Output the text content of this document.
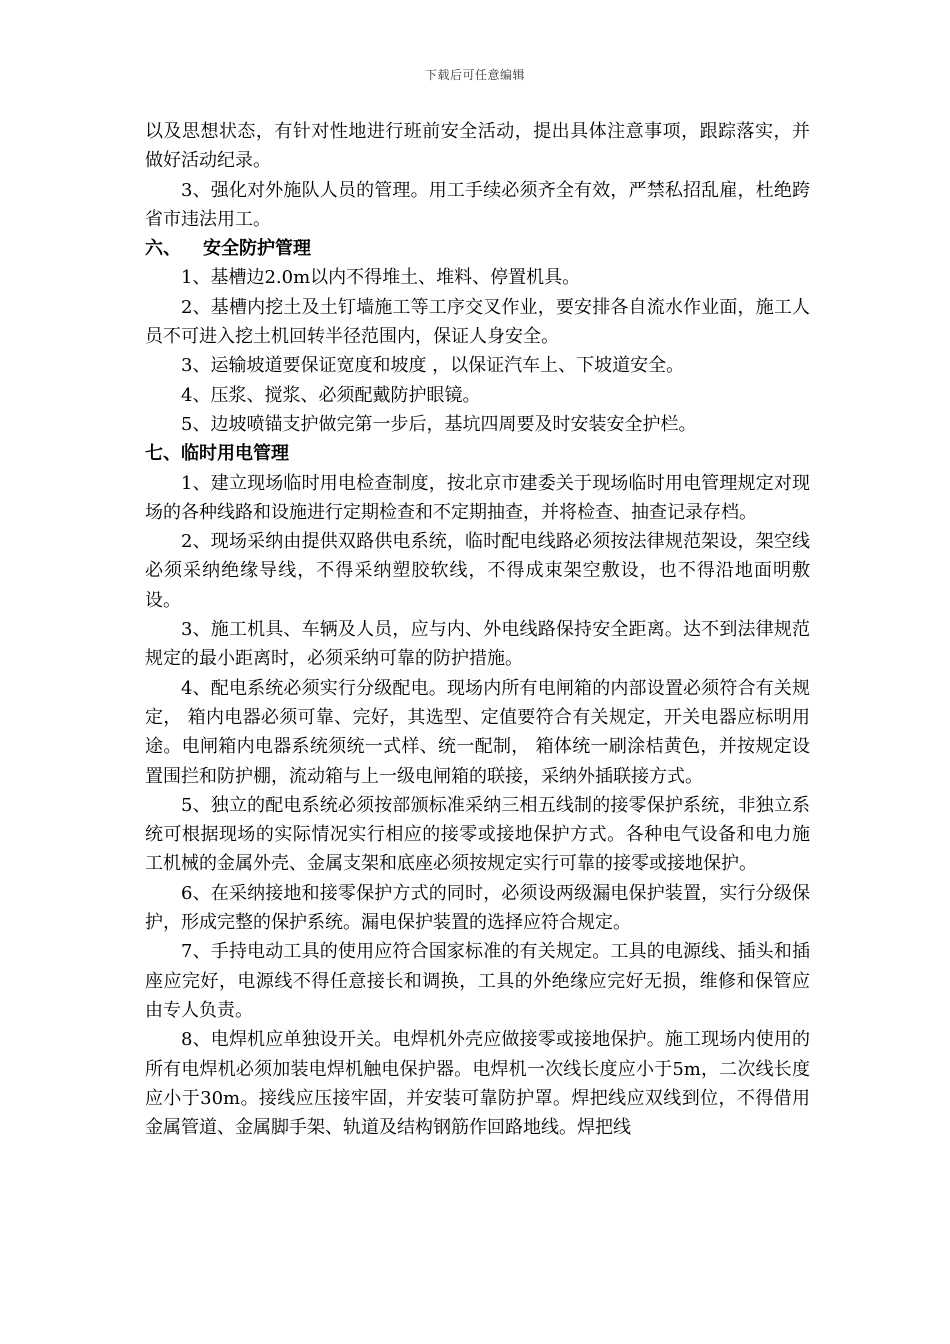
下载后可任意编辑

以及思想状态，有针对性地进行班前安全活动，提出具体注意事项，跟踪落实，并做好活动纪录。

3、强化对外施队人员的管理。用工手续必须齐全有效，严禁私招乱雇，杜绝跨省市违法用工。

六、 安全防护管理

1、基槽边2.0m以内不得堆土、堆料、停置机具。

2、基槽内挖土及土钉墙施工等工序交叉作业，要安排各自流水作业面，施工人员不可进入挖土机回转半径范围内，保证人身安全。

3、运输坡道要保证宽度和坡度 ，以保证汽车上、下坡道安全。

4、压浆、搅浆、必须配戴防护眼镜。

5、边坡喷锚支护做完第一步后，基坑四周要及时安装安全护栏。

七、临时用电管理

1、建立现场临时用电检查制度，按北京市建委关于现场临时用电管理规定对现场的各种线路和设施进行定期检查和不定期抽查，并将检查、抽查记录存档。

2、现场采纳由提供双路供电系统，临时配电线路必须按法律规范架设，架空线必须采纳绝缘导线，不得采纳塑胶软线，不得成束架空敷设，也不得沿地面明敷设。

3、施工机具、车辆及人员，应与内、外电线路保持安全距离。达不到法律规范规定的最小距离时，必须采纳可靠的防护措施。

4、配电系统必须实行分级配电。现场内所有电闸箱的内部设置必须符合有关规定， 箱内电器必须可靠、完好，其选型、定值要符合有关规定，开关电器应标明用途。电闸箱内电器系统须统一式样、统一配制， 箱体统一刷涂桔黄色，并按规定设置围拦和防护棚，流动箱与上一级电闸箱的联接，采纳外插联接方式。

5、独立的配电系统必须按部颁标准采纳三相五线制的接零保护系统，非独立系统可根据现场的实际情况实行相应的接零或接地保护方式。各种电气设备和电力施工机械的金属外壳、金属支架和底座必须按规定实行可靠的接零或接地保护。

6、在采纳接地和接零保护方式的同时，必须设两级漏电保护装置，实行分级保护，形成完整的保护系统。漏电保护装置的选择应符合规定。

7、手持电动工具的使用应符合国家标准的有关规定。工具的电源线、插头和插座应完好，电源线不得任意接长和调换，工具的外绝缘应完好无损，维修和保管应由专人负责。

8、电焊机应单独设开关。电焊机外壳应做接零或接地保护。施工现场内使用的所有电焊机必须加装电焊机触电保护器。电焊机一次线长度应小于5m，二次线长度应小于30m。接线应压接牢固，并安装可靠防护罩。焊把线应双线到位，不得借用金属管道、金属脚手架、轨道及结构钢筋作回路地线。焊把线
